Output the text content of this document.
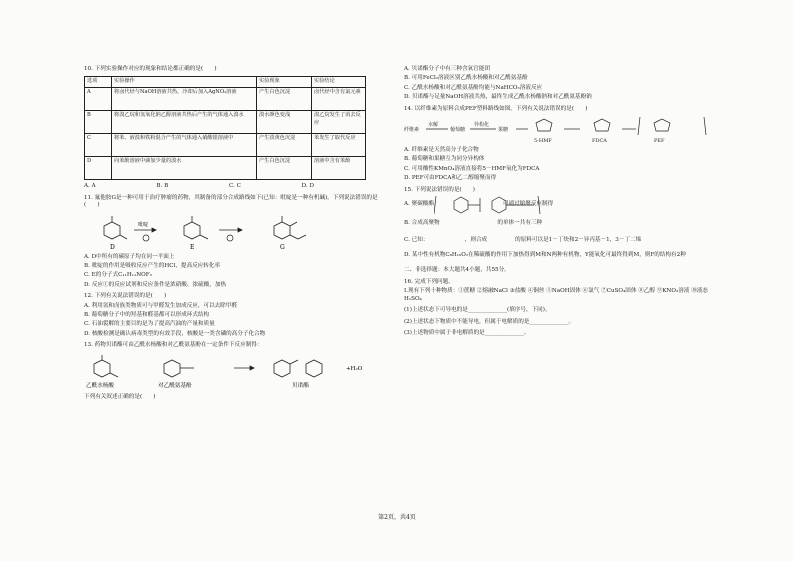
10. 下列实验操作对应的现象和结论都正确的是(　　)

选项	实验操作	实验现象	实验结论
A	将卤代烃与NaOH溶液共热，冷却后加入AgNO₃溶液	产生白色沉淀	卤代烃中含有氯元素
B	将溴乙烷和氢氧化钠乙醇溶液共热后产生的气体通入溴水	溴水颜色变浅	溴乙烷发生了消去反应
C	将苯、液溴和铁粉混合产生的气体通入硝酸银溶液中	产生淡黄色沉淀	苯发生了取代反应
D	向苯酚溶液中滴加少量的溴水	产生白色沉淀	溶液中含有苯酚
A. A	B. B	C. C	D. D

11. 氟他胺G是一种可用于治疗肿瘤的药物，其制备的部分合成路线如下(已知：吡啶是一种有机碱)。下列说法错误的是(　　)

D	E	G
吡啶

A. D中所有的碳原子均在同一平面上

B. 吡啶的作用是吸收反应产生的HCl，提高反应转化率

C. E的分子式C₁₁H₁₁NOF₃

D. 反应①的反应试剂和反应条件是浓硝酸、浓硫酸，加热

12. 下列有关说法错误的是(　　)

A. 利用氢和卤族类物质可与甲醛发生加成反应，可以去除甲醛

B. 葡萄糖分子中的羟基和醛基都可以形成环式结构

C. 石油裂解的主要目的是为了提高汽油的产量和质量

D. 核酸检测是确认病毒类型的有效手段，核酸是一类含磷的高分子化合物

13. 药物贝诺酯可由乙酰水杨酸和对乙酰氨基酚在一定条件下反应制得：

乙酰水杨酸	对乙酰氨基酚	贝诺酯
+H₂O

下列有关叙述正确的是(　　)

A. 贝诺酯分子中有三种含氧官能团

B. 可用FeCl₃溶液区别乙酰水杨酸和对乙酰氨基酚

C. 乙酰水杨酸和对乙酰氨基酚均能与NaHCO₃溶液反应

D. 贝诺酯与足量NaOH溶液共热，最终生成乙酰水杨酸钠和对乙酰氨基酚钠

14. 以纤维素为原料合成PEF塑料路线如图。下列有关说法错误的是(　　)

纤维素
水解
葡萄糖
异构化
果糖
5-HMF	FDCA	PEF

A. 纤维素是天然高分子化合物

B. 葡萄糖和果糖互为同分异构体

C. 可用酸性KMnO₄溶液直接将5－HMF氧化为FDCA

D. PEF可由FDCA和乙二醇缩聚而得

15. 下列说法错误的是(　　)

A. 聚碳酸酯 　　　　　　　　　　　　可通过缩聚反应制得

B. 合成高聚物 　　　　　　　　　　的单体一共有三种

C. 已知：　　　　　　　，则合成　　　　　的原料可以是1－丁炔和2－异丙基－1，3－丁二烯

D. 某中性有机物C₈H₁₆O₂在稀硫酸的作用下加热得到M和N两种有机物，Y能氧化可最终得到M，则F的结构有2种

二、非选择题：本大题共4小题，共55分。

16. 完成下列问题。

I.现有下列十种物质：①蔗糖 ②熔融NaCl ③盐酸 ④铜丝 ⑤NaOH固体 ⑥氯气 ⑦CuSO₄固体 ⑧乙醇 ⑨KNO₃溶液 ⑩液态H₂SO₄

(1)上述状态下可导电的是______________(填序号，下同)。

(2)上述状态下物质中不能导电，但属于电解质的是______________。

(3)上述物质中属于非电解质的是______________。

第2页，共4页
